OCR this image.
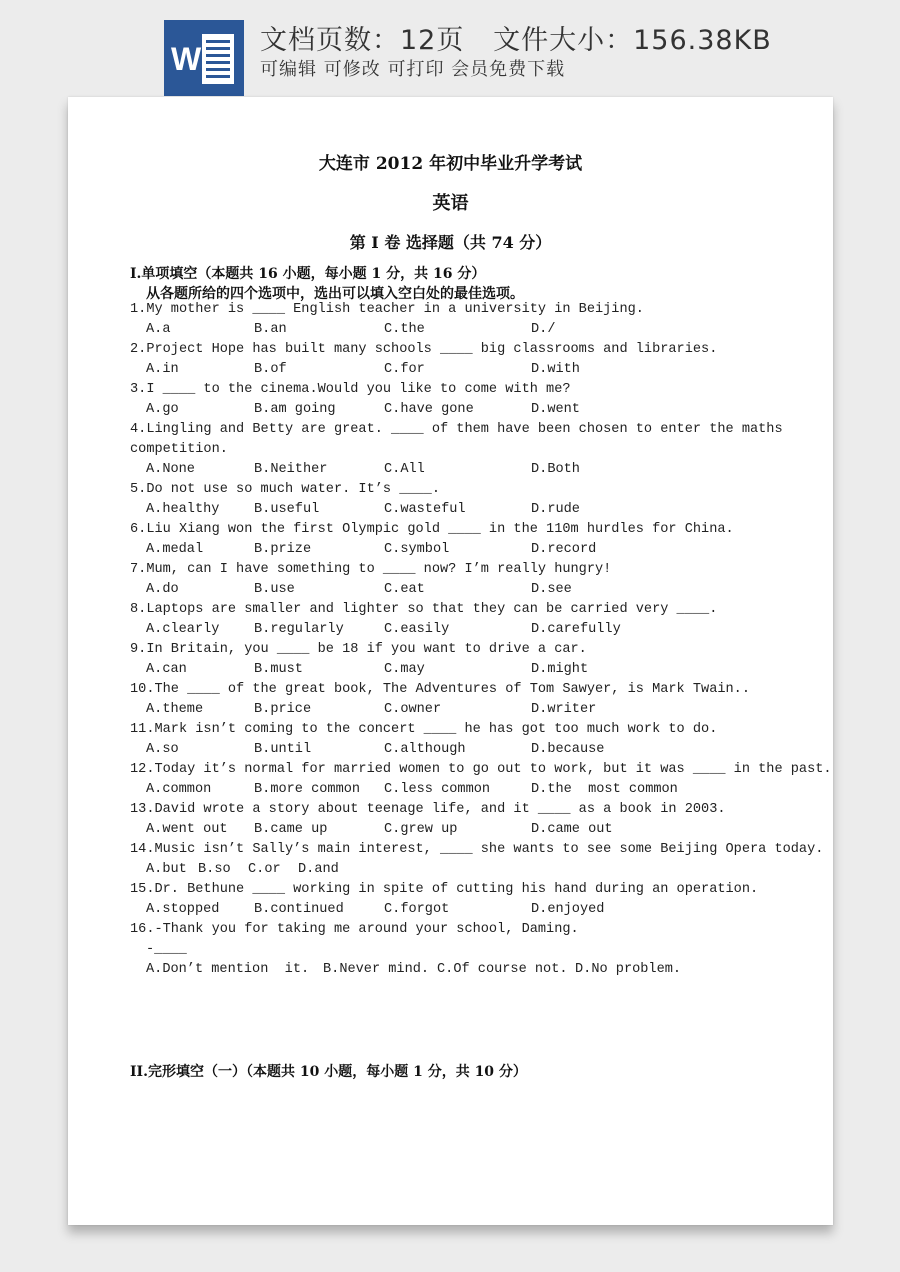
W
文档页数：12页   文件大小：156.38KB
可编辑 可修改 可打印 会员免费下载
大连市 2012 年初中毕业升学考试
英语
第 I 卷 选择题（共 74 分）
I.单项填空（本题共 16 小题，每小题 1 分，共 16 分）
从各题所给的四个选项中，选出可以填入空白处的最佳选项。
1.My mother is ____ English teacher in a university in Beijing.
A.a	B.an	C.the	D./
2.Project Hope has built many schools ____ big classrooms and libraries.
A.in	B.of	C.for	D.with
3.I ____ to the cinema.Would you like to come with me?
A.go	B.am going	C.have gone	D.went
4.Lingling and Betty are great. ____ of them have been chosen to enter the maths
competition.
A.None	B.Neither	C.All	D.Both
5.Do not use so much water. It’s ____.
A.healthy	B.useful	C.wasteful	D.rude
6.Liu Xiang won the first Olympic gold ____ in the 110m hurdles for China.
A.medal	B.prize	C.symbol	D.record
7.Mum, can I have something to ____ now? I’m really hungry!
A.do	B.use	C.eat	D.see
8.Laptops are smaller and lighter so that they can be carried very ____.
A.clearly	B.regularly	C.easily	D.carefully
9.In Britain, you ____ be 18 if you want to drive a car.
A.can	B.must	C.may	D.might
10.The ____ of the great book, The Adventures of Tom Sawyer, is Mark Twain..
A.theme	B.price	C.owner	D.writer
11.Mark isn’t coming to the concert ____ he has got too much work to do.
A.so	B.until	C.although	D.because
12.Today it’s normal for married women to go out to work, but it was ____ in the past.
A.common	B.more common C.less common	D.the  most common
13.David wrote a story about teenage life, and it ____ as a book in 2003.
A.went out B.came up	C.grew up	D.came out
14.Music isn’t Sally’s main interest, ____ she wants to see some Beijing Opera today.
A.but B.so C.or D.and
15.Dr. Bethune ____ working in spite of cutting his hand during an operation.
A.stopped	B.continued	C.forgot	D.enjoyed
16.-Thank you for taking me around your school, Daming.
-____
A.Don’t mention  it. B.Never mind. C.Of course not. D.No problem.
II.完形填空（一）（本题共 10 小题，每小题 1 分，共 10 分）
